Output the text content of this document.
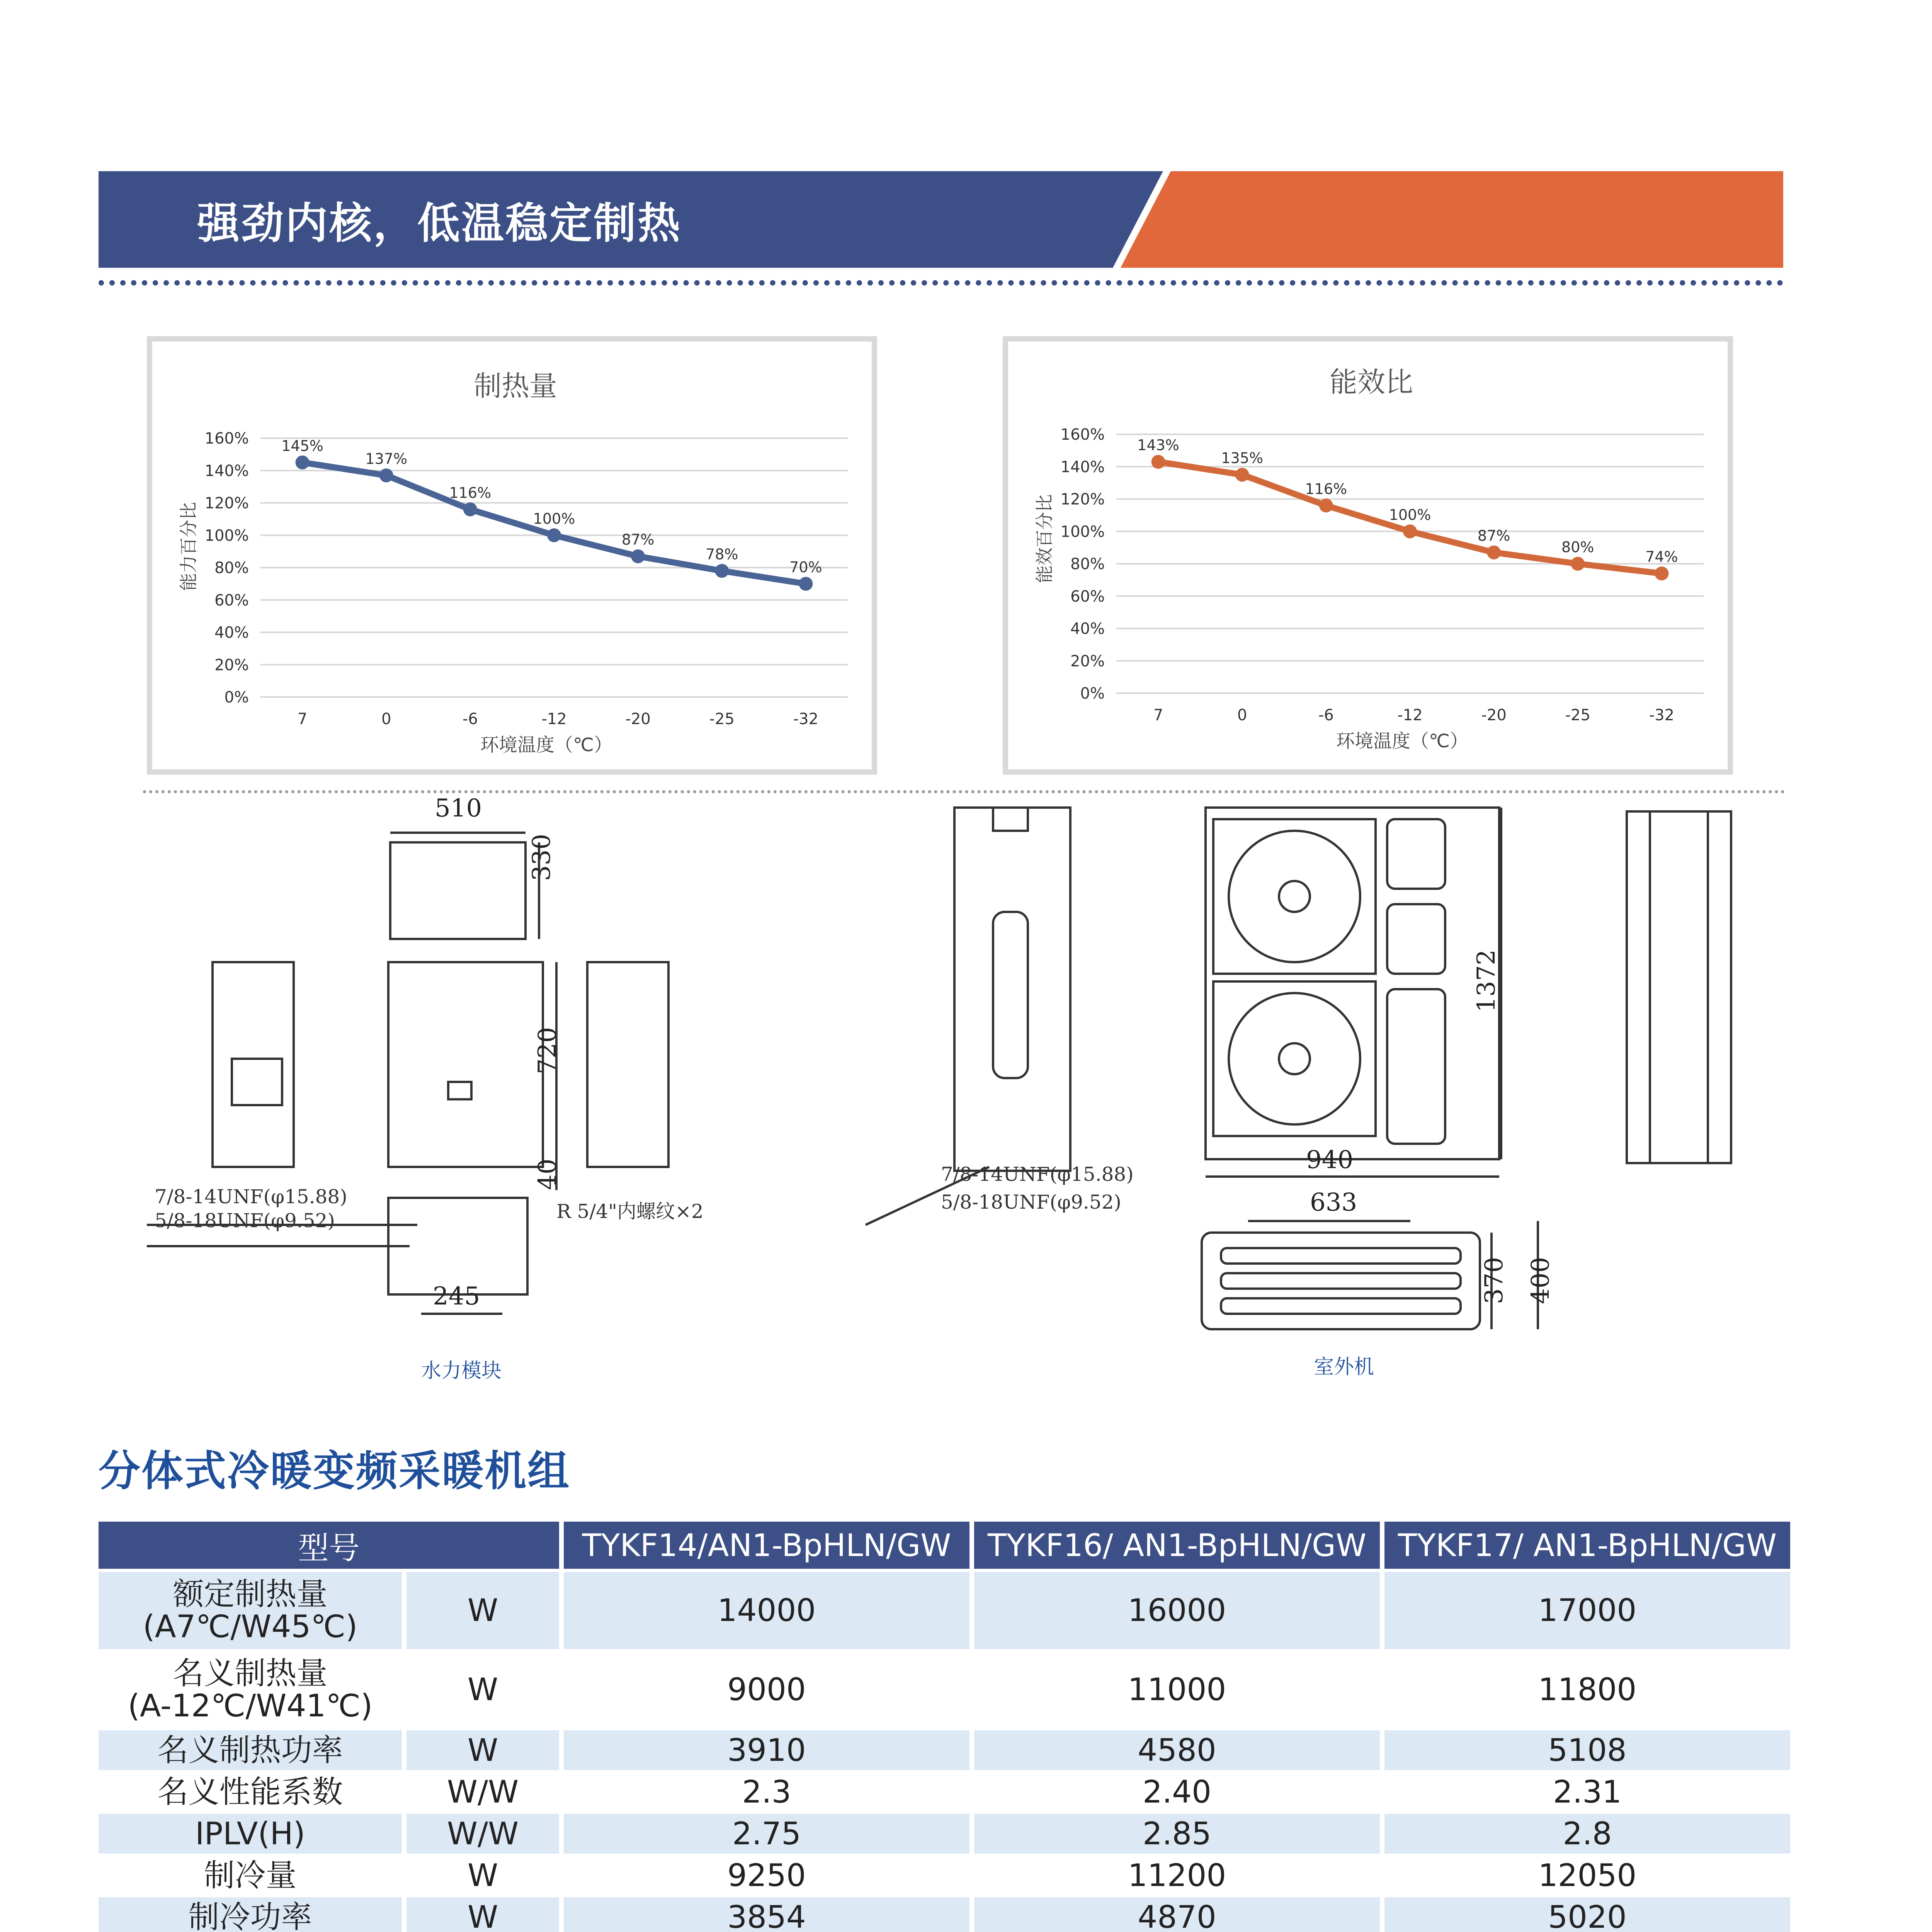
强劲内核，低温稳定制热
制热量
能力百分比
环境温度（℃）
160%
140%
120%
100%
80%
60%
40%
20%
0%
7	0	-6	-12	-20	-25	-32
145%
137%
116%
100%
87%
78%
70%
能效比
能效百分比
环境温度（℃）
160%
140%
120%
100%
80%
60%
40%
20%
0%
7	0	-6	-12	-20	-25	-32
143%
135%
116%
100%
87%
80%
74%
510
330
720
40
245
7/8-14UNF(φ15.88)
5/8-18UNF(φ9.52)	R 5/4"内螺纹×2
水力模块
7/8-14UNF(φ15.88)
5/8-18UNF(φ9.52)
940
1372
633
370 400
室外机
分体式冷暖变频采暖机组
型号		TYKF14/AN1-BpHLN/GW	TYKF16/ AN1-BpHLN/GW	TYKF17/ AN1-BpHLN/GW
额定制热量
(A7℃/W45℃)	W	14000	16000	17000
名义制热量
(A-12℃/W41℃)	W	9000	11000	11800
名义制热功率	W	3910	4580	5108
名义性能系数	W/W	2.3	2.40	2.31
IPLV(H)	W/W	2.75	2.85	2.8
制冷量	W	9250	11200	12050
制冷功率	W	3854	4870	5020
